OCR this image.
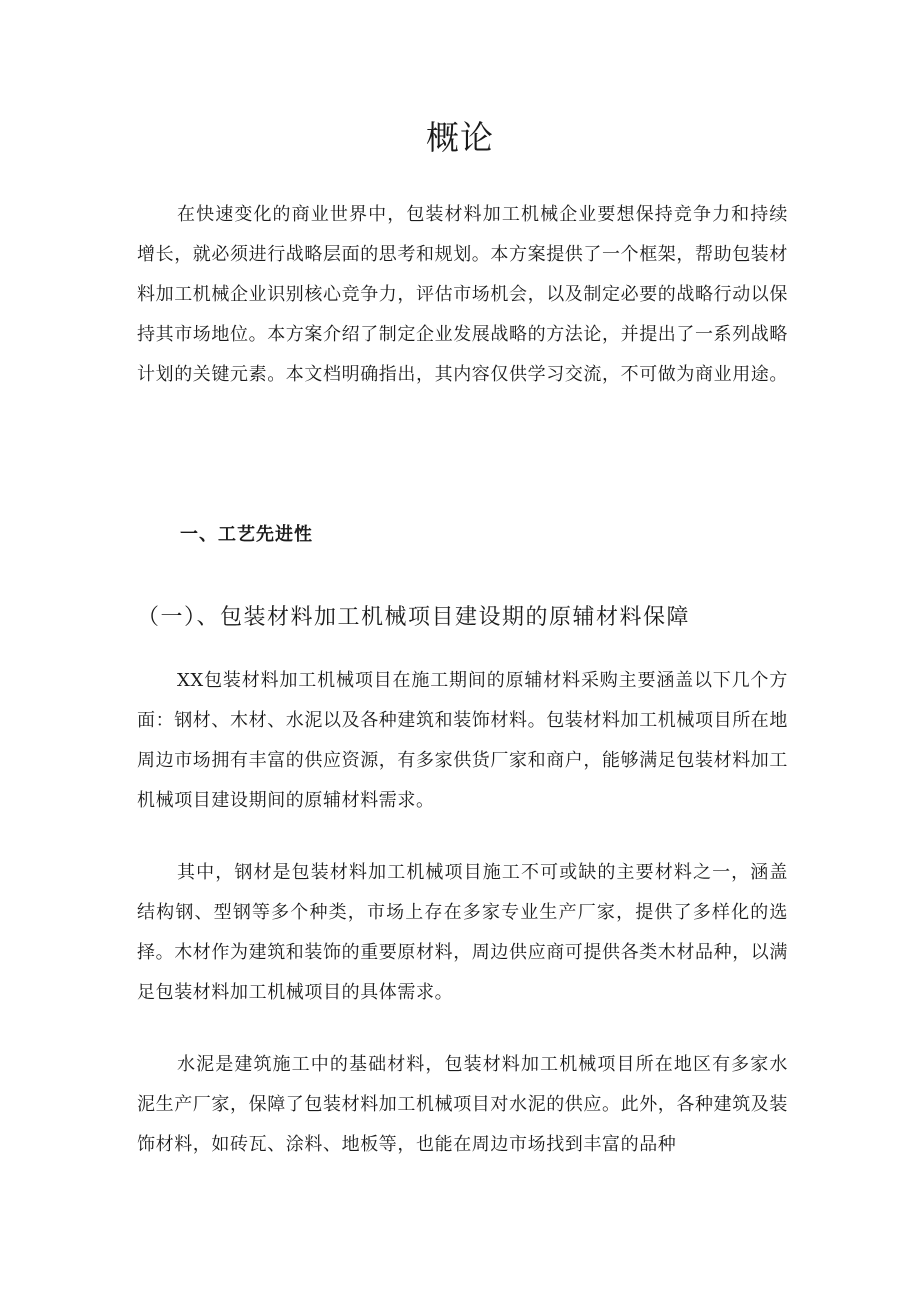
概论

在快速变化的商业世界中，包装材料加工机械企业要想保持竞争力和持续增长，就必须进行战略层面的思考和规划。本方案提供了一个框架，帮助包装材料加工机械企业识别核心竞争力，评估市场机会，以及制定必要的战略行动以保持其市场地位。本方案介绍了制定企业发展战略的方法论，并提出了一系列战略计划的关键元素。本文档明确指出，其内容仅供学习交流，不可做为商业用途。

一、工艺先进性
（一）、包装材料加工机械项目建设期的原辅材料保障

XX包装材料加工机械项目在施工期间的原辅材料采购主要涵盖以下几个方面：钢材、木材、水泥以及各种建筑和装饰材料。包装材料加工机械项目所在地周边市场拥有丰富的供应资源，有多家供货厂家和商户，能够满足包装材料加工机械项目建设期间的原辅材料需求。

其中，钢材是包装材料加工机械项目施工不可或缺的主要材料之一，涵盖结构钢、型钢等多个种类，市场上存在多家专业生产厂家，提供了多样化的选择。木材作为建筑和装饰的重要原材料，周边供应商可提供各类木材品种，以满足包装材料加工机械项目的具体需求。

水泥是建筑施工中的基础材料，包装材料加工机械项目所在地区有多家水泥生产厂家，保障了包装材料加工机械项目对水泥的供应。此外，各种建筑及装饰材料，如砖瓦、涂料、地板等，也能在周边市场找到丰富的品种
